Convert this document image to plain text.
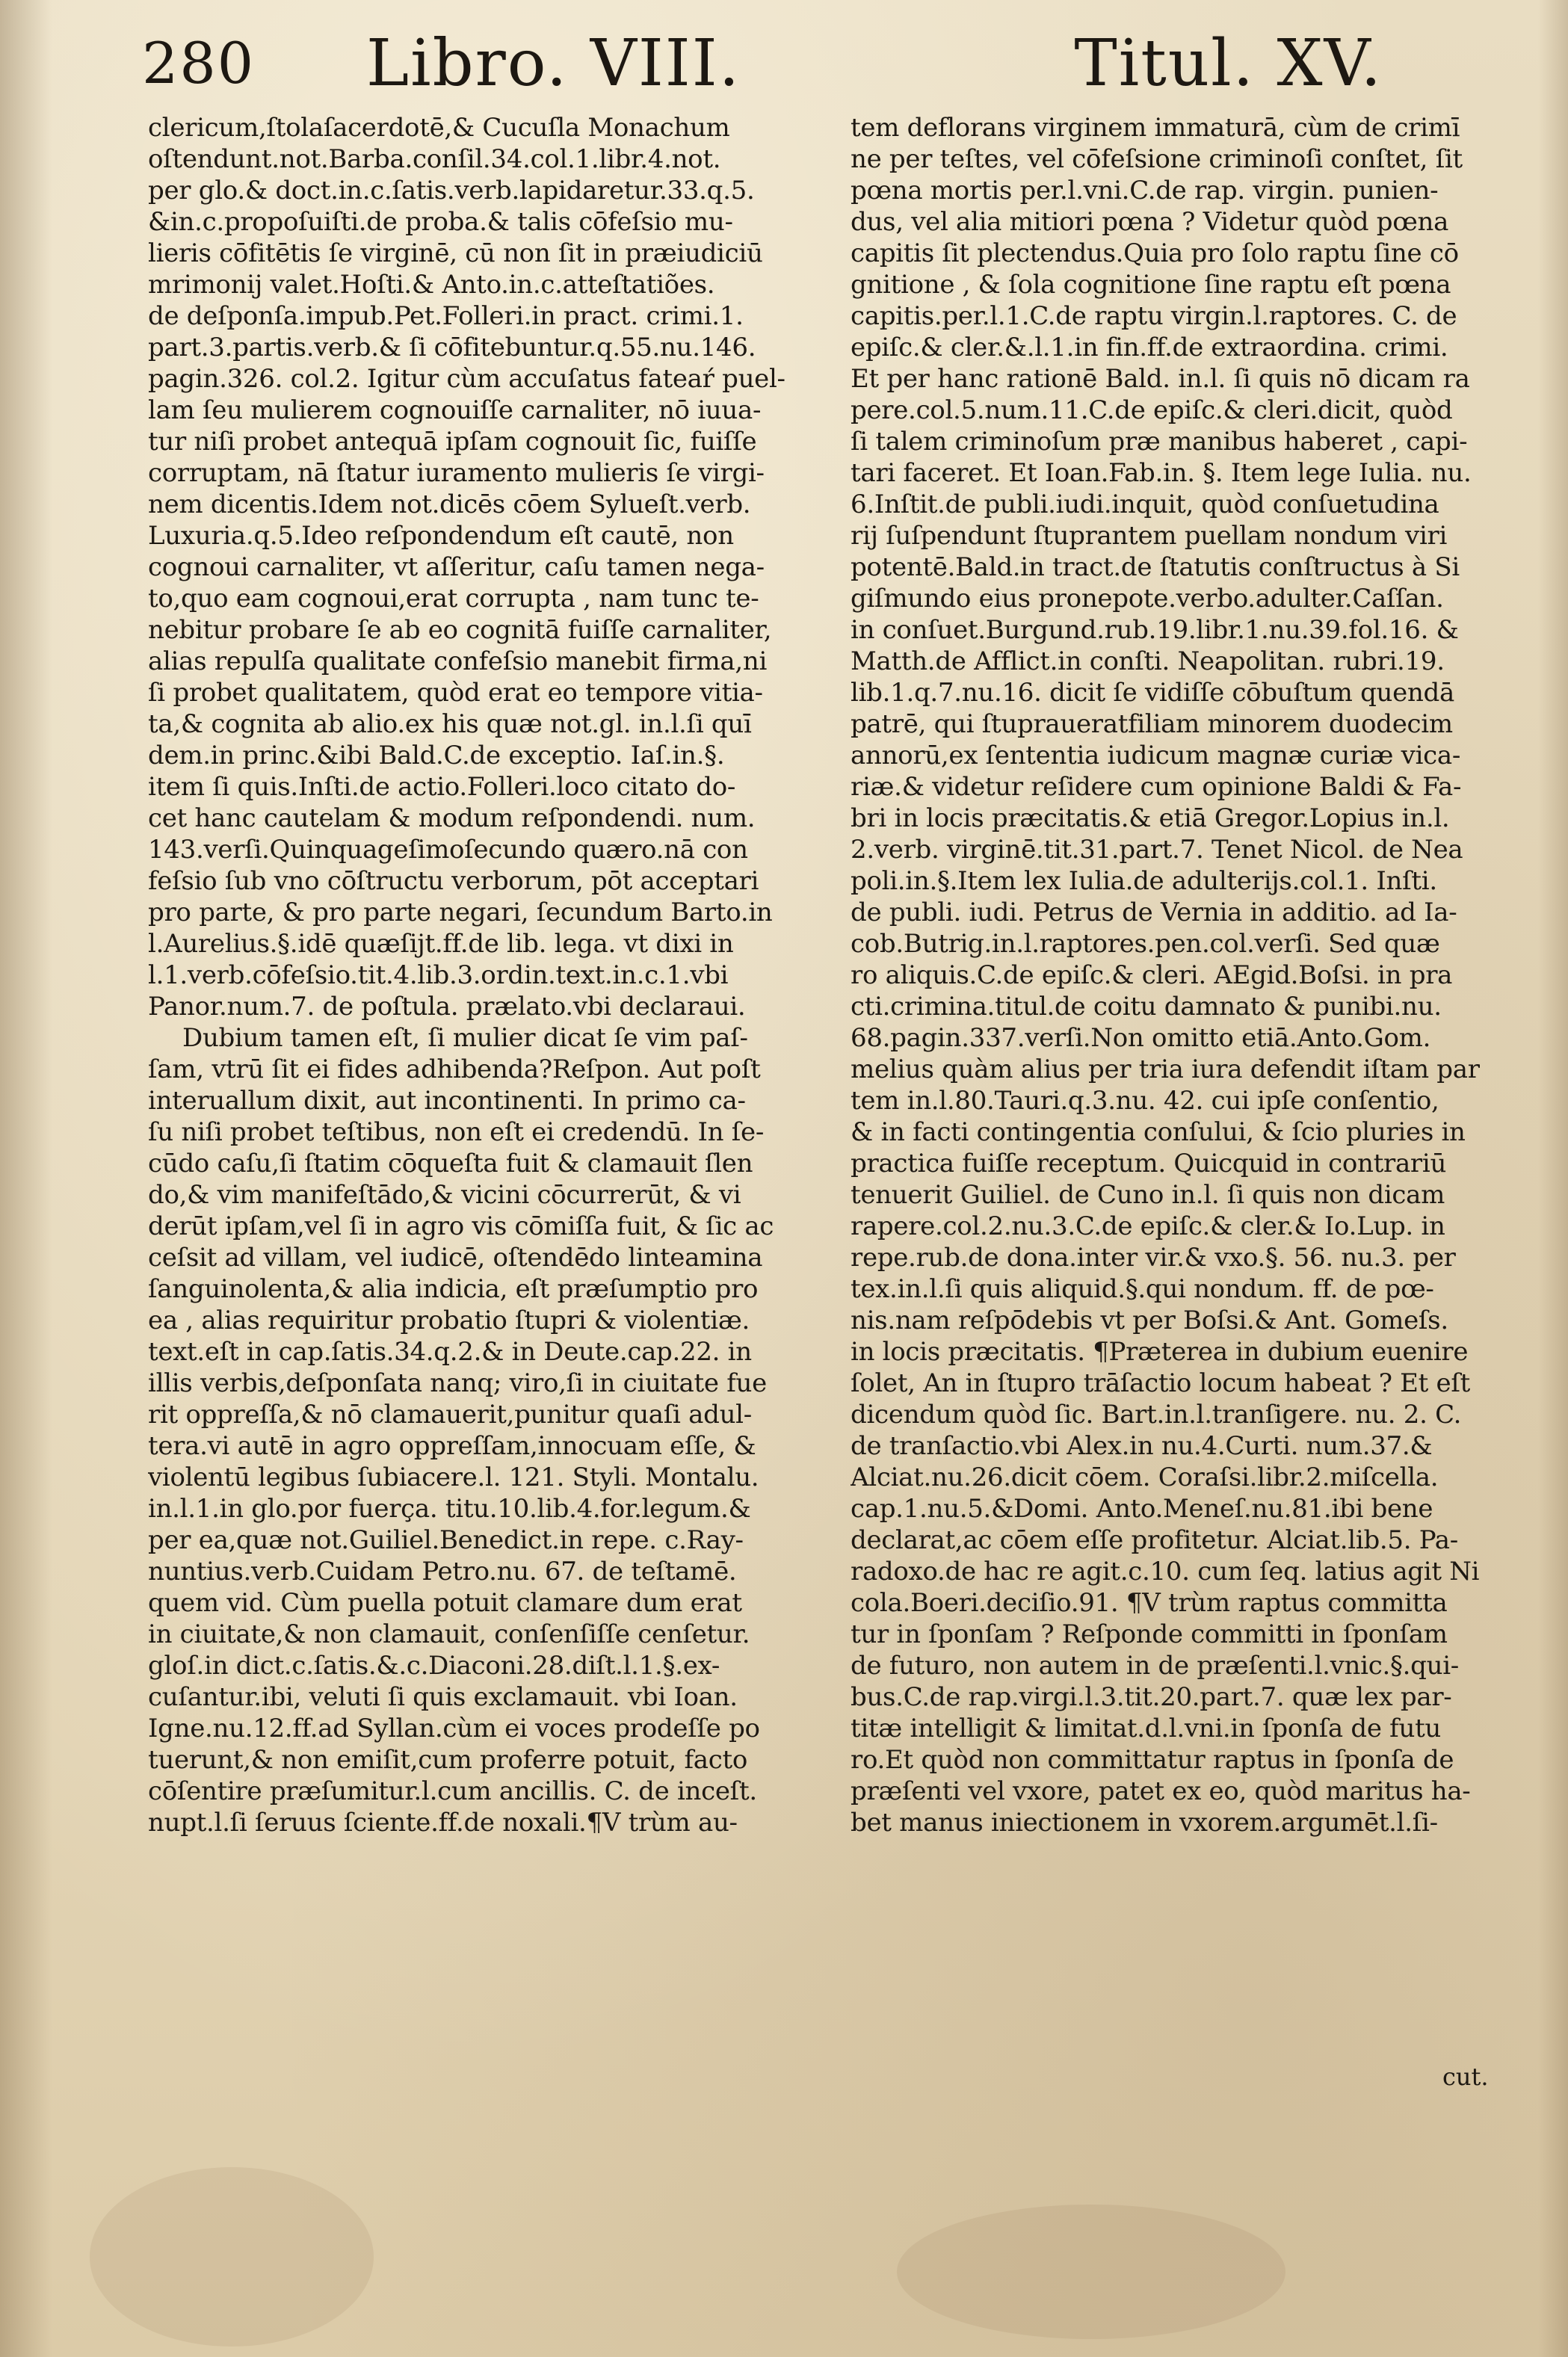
280 Libro. VIII.	Titul. XV.
clericum,ſtolaſacerdotē,& Cucuſla Monachum
oſtendunt.not.Barba.conſil.34.col.1.libr.4.not.
per glo.& doct.in.c.ſatis.verb.lapidaretur.33.q.5.
&in.c.propoſuiſti.de proba.& talis cōfeſsio mu-
lieris cōfitētis ſe virginē, cū non ſit in præiudiciū
mrimonij valet.Hoſti.& Anto.in.c.atteſtatiões.
de deſponſa.impub.Pet.Folleri.in pract. crimi.1.
part.3.partis.verb.& ſi cōfitebuntur.q.55.nu.146.
pagin.326. col.2. Igitur cùm accuſatus fateaŕ puel-
lam ſeu mulierem cognouiſſe carnaliter, nō iuua-
tur niſi probet antequā ipſam cognouit ſic, fuiſſe
corruptam, nā ſtatur iuramento mulieris ſe virgi-
nem dicentis.Idem not.dicēs cōem Sylueſt.verb.
Luxuria.q.5.Ideo reſpondendum eſt cautē, non
cognoui carnaliter, vt aſſeritur, caſu tamen nega-
to,quo eam cognoui,erat corrupta , nam tunc te-
nebitur probare ſe ab eo cognitā fuiſſe carnaliter,
alias repulſa qualitate confeſsio manebit firma,ni
ſi probet qualitatem, quòd erat eo tempore vitia-
ta,& cognita ab alio.ex his quæ not.gl. in.l.ſi quī
dem.in princ.&ibi Bald.C.de exceptio. Iaſ.in.§.
item ſi quis.Inſti.de actio.Folleri.loco citato do-
cet hanc cautelam & modum reſpondendi. num.
143.verſi.Quinquageſimoſecundo quæro.nā con
feſsio ſub vno cōſtructu verborum, pōt acceptari
pro parte, & pro parte negari, ſecundum Barto.in
l.Aurelius.§.idē quæſijt.ff.de lib. lega. vt dixi in
l.1.verb.cōfeſsio.tit.4.lib.3.ordin.text.in.c.1.vbi
Panor.num.7. de poſtula. prælato.vbi declaraui.
Dubium tamen eſt, ſi mulier dicat ſe vim paſ-
ſam, vtrū ſit ei fides adhibenda?Reſpon. Aut poſt
interuallum dixit, aut incontinenti. In primo ca-
ſu niſi probet teſtibus, non eſt ei credendū. In ſe-
cūdo caſu,ſi ſtatim cōqueſta fuit & clamauit ſlen
do,& vim manifeſtādo,& vicini cōcurrerūt, & vi
derūt ipſam,vel ſi in agro vis cōmiſſa fuit, & ſic ac
ceſsit ad villam, vel iudicē, oſtendēdo linteamina
ſanguinolenta,& alia indicia, eſt præſumptio pro
ea , alias requiritur probatio ſtupri & violentiæ.
text.eſt in cap.ſatis.34.q.2.& in Deute.cap.22. in
illis verbis,deſponſata nanq; viro,ſi in ciuitate fue
rit oppreſſa,& nō clamauerit,punitur quaſi adul-
tera.vi autē in agro oppreſſam,innocuam eſſe, &
violentū legibus ſubiacere.l. 121. Styli. Montalu.
in.l.1.in glo.por fuerça. titu.10.lib.4.for.legum.&
per ea,quæ not.Guiliel.Benedict.in repe. c.Ray-
nuntius.verb.Cuidam Petro.nu. 67. de teſtamē.
quem vid. Cùm puella potuit clamare dum erat
in ciuitate,& non clamauit, conſenſiſſe cenſetur.
gloſ.in dict.c.ſatis.&.c.Diaconi.28.diſt.l.1.§.ex-
cuſantur.ibi, veluti ſi quis exclamauit. vbi Ioan.
Igne.nu.12.ff.ad Syllan.cùm ei voces prodeſſe po
tuerunt,& non emiſit,cum proferre potuit, facto
cōſentire præſumitur.l.cum ancillis. C. de inceſt.
nupt.l.ſi ſeruus ſciente.ff.de noxali.¶V trùm au-
tem deflorans virginem immaturā, cùm de crimī
ne per teſtes, vel cōfeſsione criminoſi conſtet, ſit
pœna mortis per.l.vni.C.de rap. virgin. punien-
dus, vel alia mitiori pœna ? Videtur quòd pœna
capitis ſit plectendus.Quia pro ſolo raptu ſine cō
gnitione , & ſola cognitione ſine raptu eſt pœna
capitis.per.l.1.C.de raptu virgin.l.raptores. C. de
epiſc.& cler.&.l.1.in fin.ff.de extraordina. crimi.
Et per hanc rationē Bald. in.l. ſi quis nō dicam ra
pere.col.5.num.11.C.de epiſc.& cleri.dicit, quòd
ſi talem criminoſum præ manibus haberet , capi-
tari faceret. Et Ioan.Fab.in. §. Item lege Iulia. nu.
6.Inſtit.de publi.iudi.inquit, quòd conſuetudina
rij ſuſpendunt ſtuprantem puellam nondum viri
potentē.Bald.in tract.de ſtatutis conſtructus à Si
giſmundo eius pronepote.verbo.adulter.Caſſan.
in conſuet.Burgund.rub.19.libr.1.nu.39.fol.16. &
Matth.de Afflict.in conſti. Neapolitan. rubri.19.
lib.1.q.7.nu.16. dicit ſe vidiſſe cōbuſtum quendā
patrē, qui ſtupraueratfiliam minorem duodecim
annorū,ex ſententia iudicum magnæ curiæ vica-
riæ.& videtur reſidere cum opinione Baldi & Fa-
bri in locis præcitatis.& etiā Gregor.Lopius in.l.
2.verb. virginē.tit.31.part.7. Tenet Nicol. de Nea
poli.in.§.Item lex Iulia.de adulterijs.col.1. Inſti.
de publi. iudi. Petrus de Vernia in additio. ad Ia-
cob.Butrig.in.l.raptores.pen.col.verſi. Sed quæ
ro aliquis.C.de epiſc.& cleri. AEgid.Boſsi. in pra
cti.crimina.titul.de coitu damnato & punibi.nu.
68.pagin.337.verſi.Non omitto etiā.Anto.Gom.
melius quàm alius per tria iura defendit iſtam par
tem in.l.80.Tauri.q.3.nu. 42. cui ipſe conſentio,
& in facti contingentia conſului, & ſcio pluries in
practica fuiſſe receptum. Quicquid in contrariū
tenuerit Guiliel. de Cuno in.l. ſi quis non dicam
rapere.col.2.nu.3.C.de epiſc.& cler.& Io.Lup. in
repe.rub.de dona.inter vir.& vxo.§. 56. nu.3. per
tex.in.l.ſi quis aliquid.§.qui nondum. ff. de pœ-
nis.nam reſpōdebis vt per Boſsi.& Ant. Gomeſs.
in locis præcitatis. ¶Præterea in dubium euenire
ſolet, An in ſtupro trāſactio locum habeat ? Et eſt
dicendum quòd ſic. Bart.in.l.tranſigere. nu. 2. C.
de tranſactio.vbi Alex.in nu.4.Curti. num.37.&
Alciat.nu.26.dicit cōem. Coraſsi.libr.2.miſcella.
cap.1.nu.5.&Domi. Anto.Meneſ.nu.81.ibi bene
declarat,ac cōem eſſe profitetur. Alciat.lib.5. Pa-
radoxo.de hac re agit.c.10. cum ſeq. latius agit Ni
cola.Boeri.deciſio.91. ¶V trùm raptus committa
tur in ſponſam ? Reſponde committi in ſponſam
de futuro, non autem in de præſenti.l.vnic.§.qui-
bus.C.de rap.virgi.l.3.tit.20.part.7. quæ lex par-
titæ intelligit & limitat.d.l.vni.in ſponſa de futu
ro.Et quòd non committatur raptus in ſponſa de
præſenti vel vxore, patet ex eo, quòd maritus ha-
bet manus iniectionem in vxorem.argumēt.l.ſi-
cut.
